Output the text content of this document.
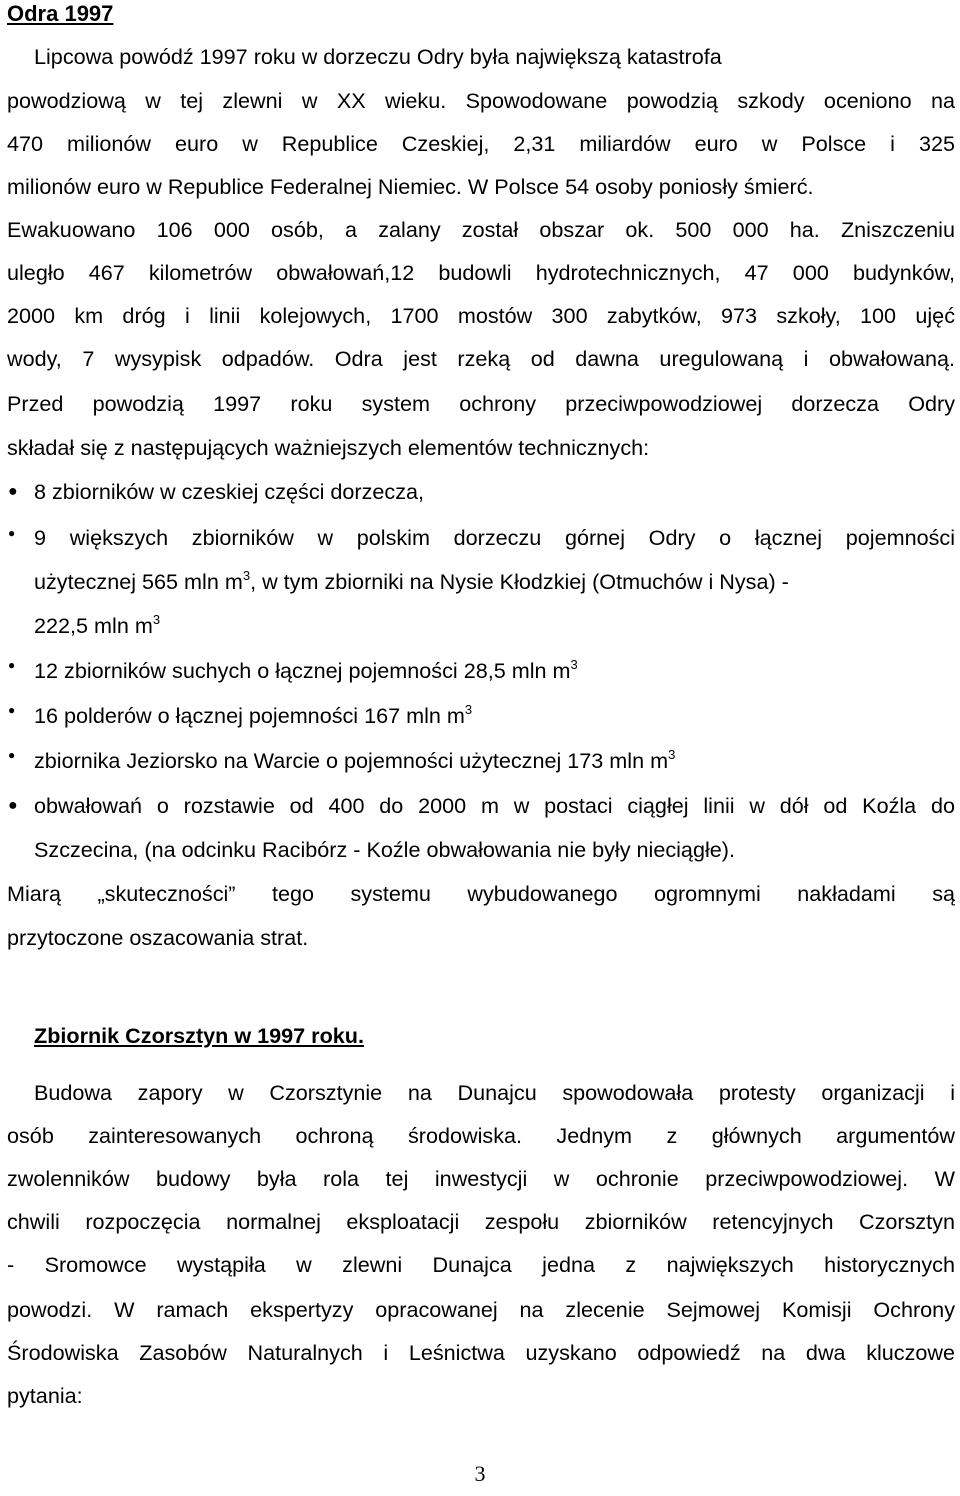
Odra 1997

Lipcowa powódź 1997 roku w dorzeczu Odry była największą katastrofa

powodziową w tej zlewni w XX wieku. Spowodowane powodzią szkody oceniono na

470 milionów euro w Republice Czeskiej, 2,31 miliardów euro w Polsce i 325

milionów euro w Republice Federalnej Niemiec. W Polsce 54 osoby poniosły śmierć.

Ewakuowano 106 000 osób, a zalany został obszar ok. 500 000 ha. Zniszczeniu

uległo 467 kilometrów obwałowań,12 budowli hydrotechnicznych, 47 000 budynków,

2000 km dróg i linii kolejowych, 1700 mostów 300 zabytków, 973 szkoły, 100 ujęć

wody, 7 wysypisk odpadów. Odra jest rzeką od dawna uregulowaną i obwałowaną.

Przed powodzią 1997 roku system ochrony przeciwpowodziowej dorzecza Odry

składał się z następujących ważniejszych elementów technicznych:

● 8 zbiorników w czeskiej części dorzecza,

● 9 większych zbiorników w polskim dorzeczu górnej Odry o łącznej pojemności

użytecznej 565 mln $m^3$, w tym zbiorniki na Nysie Kłodzkiej (Otmuchów i Nysa) -

222,5 mln $m^3$

● 12 zbiorników suchych o łącznej pojemności 28,5 mln $m^3$

● 16 polderów o łącznej pojemności 167 mln $m^3$

● zbiornika Jeziorsko na Warcie o pojemności użytecznej 173 mln $m^3$

● obwałowań o rozstawie od 400 do 2000 m w postaci ciągłej linii w dół od Koźla do

Szczecina, (na odcinku Racibórz - Koźle obwałowania nie były nieciągłe).

Miarą „skuteczności” tego systemu wybudowanego ogromnymi nakładami są

przytoczone oszacowania strat.

Zbiornik Czorsztyn w 1997 roku.

Budowa zapory w Czorsztynie na Dunajcu spowodowała protesty organizacji i

osób zainteresowanych ochroną środowiska. Jednym z głównych argumentów

zwolenników budowy była rola tej inwestycji w ochronie przeciwpowodziowej. W

chwili rozpoczęcia normalnej eksploatacji zespołu zbiorników retencyjnych Czorsztyn

- Sromowce wystąpiła w zlewni Dunajca jedna z największych historycznych

powodzi. W ramach ekspertyzy opracowanej na zlecenie Sejmowej Komisji Ochrony

Środowiska Zasobów Naturalnych i Leśnictwa uzyskano odpowiedź na dwa kluczowe

pytania:

3
